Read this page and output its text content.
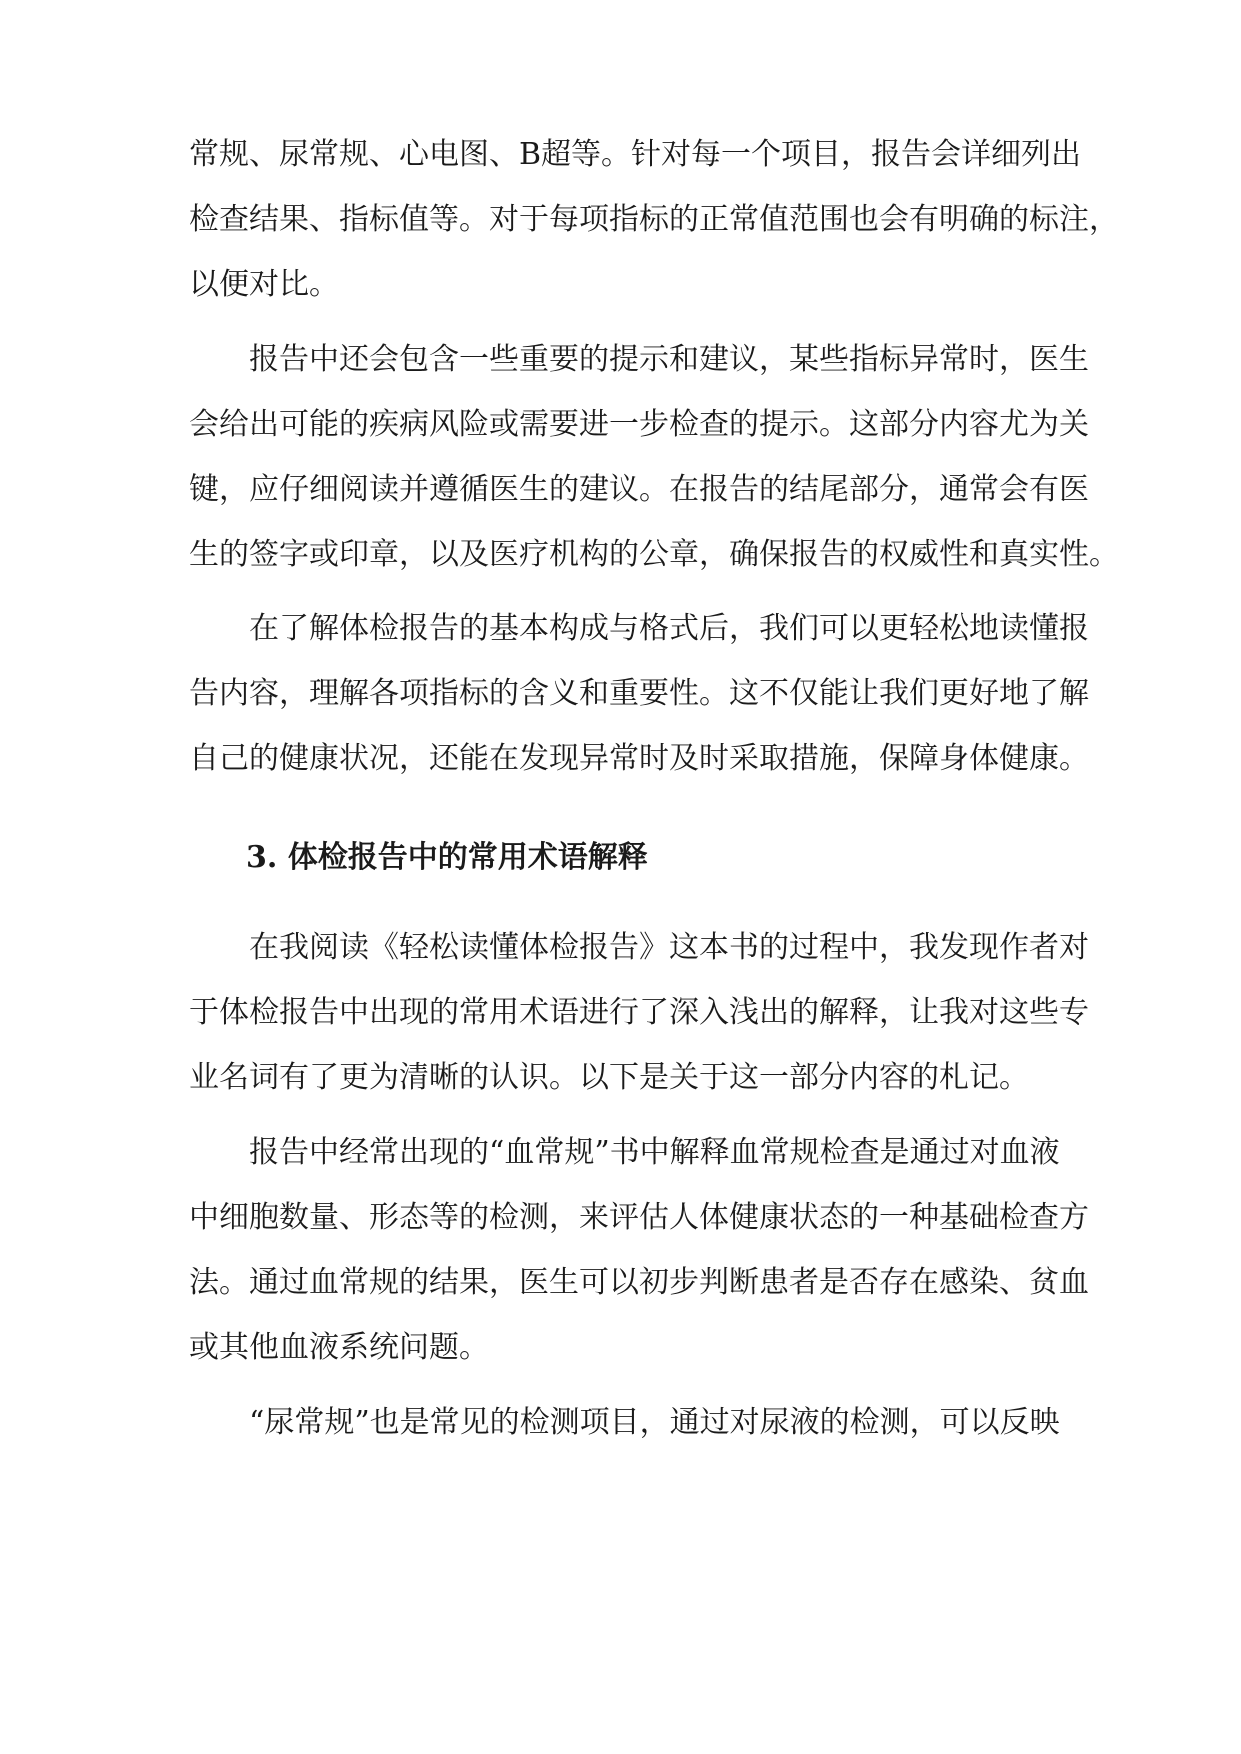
常规、尿常规、心电图、B超等。针对每一个项目，报告会详细列出
检查结果、指标值等。对于每项指标的正常值范围也会有明确的标注，
以便对比。
报告中还会包含一些重要的提示和建议，某些指标异常时，医生
会给出可能的疾病风险或需要进一步检查的提示。这部分内容尤为关
键，应仔细阅读并遵循医生的建议。在报告的结尾部分，通常会有医
生的签字或印章，以及医疗机构的公章，确保报告的权威性和真实性。
在了解体检报告的基本构成与格式后，我们可以更轻松地读懂报
告内容，理解各项指标的含义和重要性。这不仅能让我们更好地了解
自己的健康状况，还能在发现异常时及时采取措施，保障身体健康。
3. 体检报告中的常用术语解释
在我阅读《轻松读懂体检报告》这本书的过程中，我发现作者对
于体检报告中出现的常用术语进行了深入浅出的解释，让我对这些专
业名词有了更为清晰的认识。以下是关于这一部分内容的札记。
报告中经常出现的“血常规”书中解释血常规检查是通过对血液
中细胞数量、形态等的检测，来评估人体健康状态的一种基础检查方
法。通过血常规的结果，医生可以初步判断患者是否存在感染、贫血
或其他血液系统问题。
“尿常规”也是常见的检测项目，通过对尿液的检测，可以反映
